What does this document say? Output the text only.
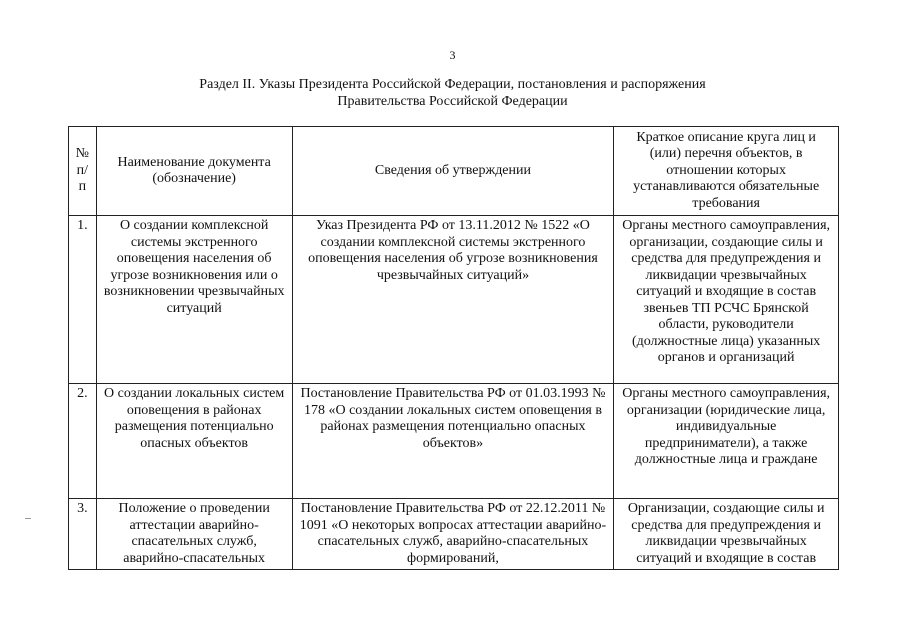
3
Раздел II. Указы Президента Российской Федерации, постановления и распоряжения
Правительства Российской Федерации
№ п/п	Наименование документа (обозначение)	Сведения об утверждении	Краткое описание круга лиц и (или) перечня объектов, в отношении которых устанавливаются обязательные требования
1.	О создании комплексной системы экстренного оповещения населения об угрозе возникновения или о возникновении чрезвычайных ситуаций	Указ Президента РФ от 13.11.2012 № 1522 «О создании комплексной системы экстренного оповещения населения об угрозе возникновения чрезвычайных ситуаций»	Органы местного самоуправления, организации, создающие силы и средства для предупреждения и ликвидации чрезвычайных ситуаций и входящие в состав звеньев ТП РСЧС Брянской области, руководители (должностные лица) указанных органов и организаций
2.	О создании локальных систем оповещения в районах размещения потенциально опасных объектов	Постановление Правительства РФ от 01.03.1993 № 178 «О создании локальных систем оповещения в районах размещения потенциально опасных объектов»	Органы местного самоуправления, организации (юридические лица, индивидуальные предприниматели), а также должностные лица и граждане
3.	Положение о проведении аттестации аварийно-спасательных служб, аварийно-спасательных	Постановление Правительства РФ от 22.12.2011 № 1091 «О некоторых вопросах аттестации аварийно-спасательных служб, аварийно-спасательных формирований,	Организации, создающие силы и средства для предупреждения и ликвидации чрезвычайных ситуаций и входящие в состав
